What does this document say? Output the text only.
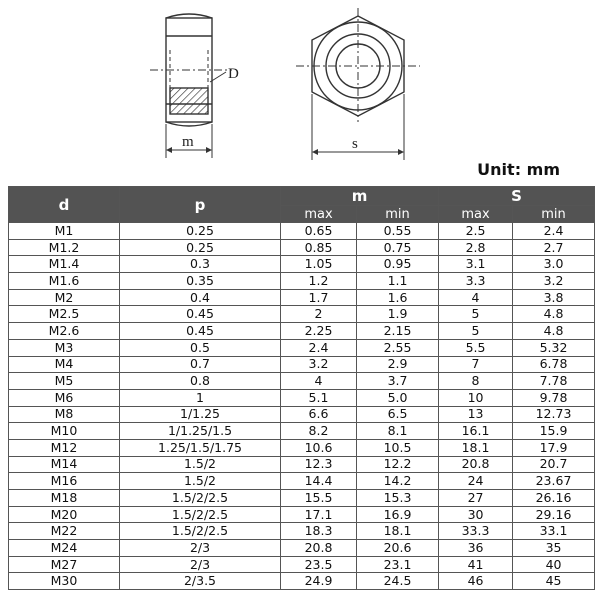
D
m	s
Unit: mm
d	p	m		S	
		max	min	max	min
M1	0.25	0.65	0.55	2.5	2.4
M1.2	0.25	0.85	0.75	2.8	2.7
M1.4	0.3	1.05	0.95	3.1	3.0
M1.6	0.35	1.2	1.1	3.3	3.2
M2	0.4	1.7	1.6	4	3.8
M2.5	0.45	2	1.9	5	4.8
M2.6	0.45	2.25	2.15	5	4.8
M3	0.5	2.4	2.55	5.5	5.32
M4	0.7	3.2	2.9	7	6.78
M5	0.8	4	3.7	8	7.78
M6	1	5.1	5.0	10	9.78
M8	1/1.25	6.6	6.5	13	12.73
M10	1/1.25/1.5	8.2	8.1	16.1	15.9
M12	1.25/1.5/1.75	10.6	10.5	18.1	17.9
M14	1.5/2	12.3	12.2	20.8	20.7
M16	1.5/2	14.4	14.2	24	23.67
M18	1.5/2/2.5	15.5	15.3	27	26.16
M20	1.5/2/2.5	17.1	16.9	30	29.16
M22	1.5/2/2.5	18.3	18.1	33.3	33.1
M24	2/3	20.8	20.6	36	35
M27	2/3	23.5	23.1	41	40
M30	2/3.5	24.9	24.5	46	45
